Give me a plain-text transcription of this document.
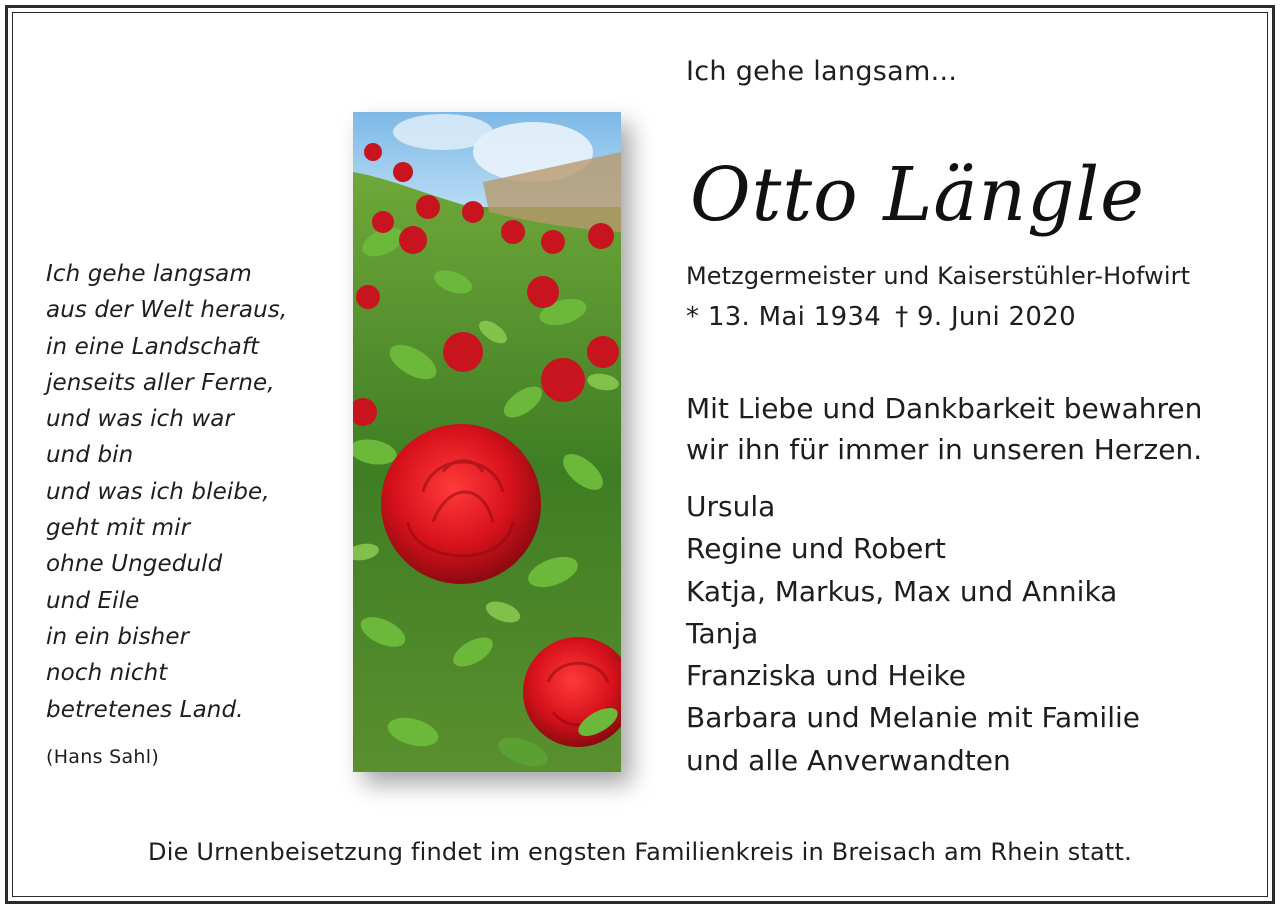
Ich gehe langsam
aus der Welt heraus,
in eine Landschaft
jenseits aller Ferne,
und was ich war
und bin
und was ich bleibe,
geht mit mir
ohne Ungeduld
und Eile
in ein bisher
noch nicht
betretenes Land.
(Hans Sahl)
Ich gehe langsam...
Otto Längle
Metzgermeister und Kaiserstühler-Hofwirt
* 13. Mai 1934 † 9. Juni 2020
Mit Liebe und Dankbarkeit bewahren
wir ihn für immer in unseren Herzen.
Ursula
Regine und Robert
Katja, Markus, Max und Annika
Tanja
Franziska und Heike
Barbara und Melanie mit Familie
und alle Anverwandten
Die Urnenbeisetzung findet im engsten Familienkreis in Breisach am Rhein statt.
